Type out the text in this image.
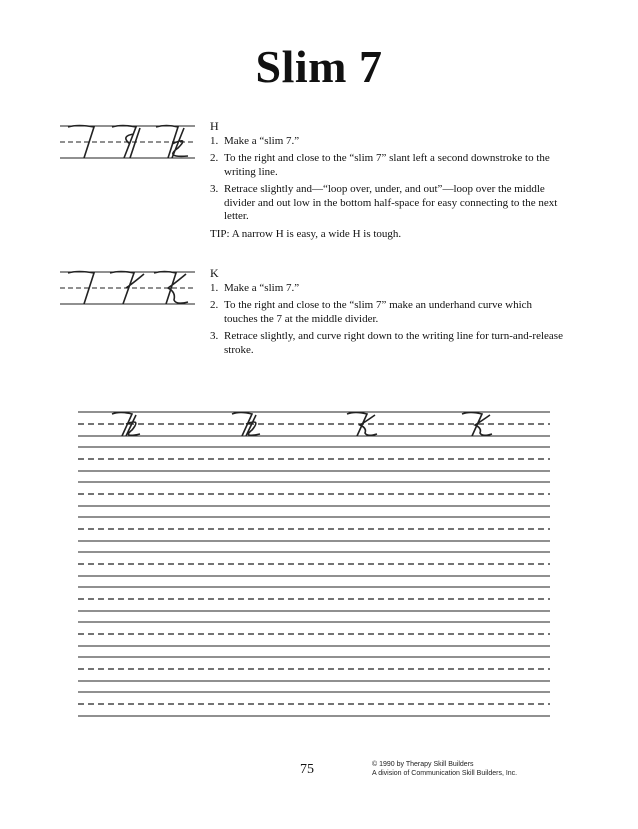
Slim 7
H
1. Make a “slim 7.”
2. To the right and close to the “slim 7” slant left a second downstroke to the writing line.
3. Retrace slightly and—“loop over, under, and out”—loop over the middle divider and out low in the bottom half-space for easy connecting to the next letter.
TIP: A narrow H is easy, a wide H is tough.
K
1. Make a “slim 7.”
2. To the right and close to the “slim 7” make an underhand curve which touches the 7 at the middle divider.
3. Retrace slightly, and curve right down to the writing line for turn-and-release stroke.
75	© 1990 by Therapy Skill Builders
A division of Communication Skill Builders, Inc.
